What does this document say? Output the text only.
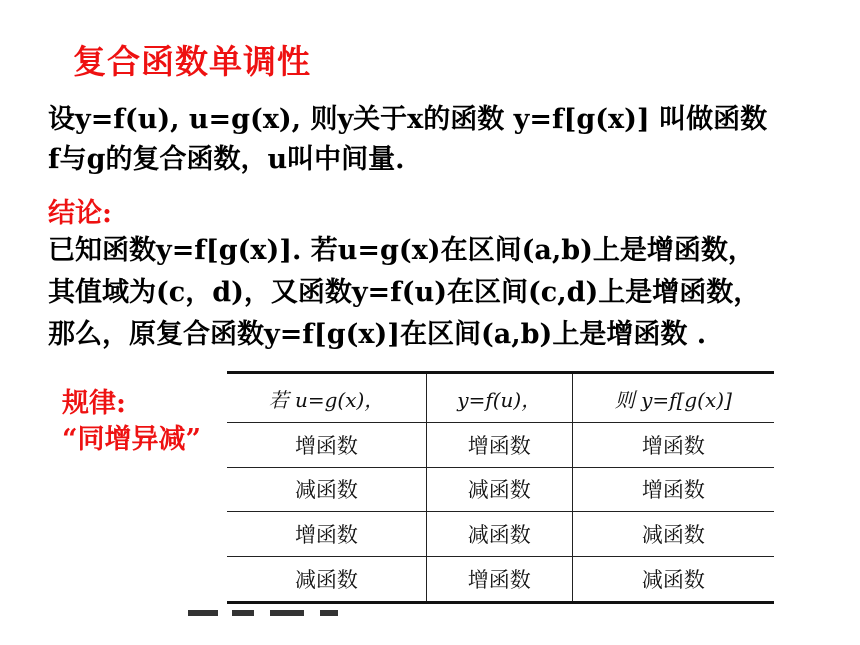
复合函数单调性
设y=f(u), u=g(x), 则y关于x的函数 y=f[g(x)] 叫做函数
f与g的复合函数，u叫中间量.
结论:
已知函数y=f[g(x)]. 若u=g(x)在区间(a,b)上是增函数，
其值域为(c，d)，又函数y=f(u)在区间(c,d)上是增函数，
那么，原复合函数y=f[g(x)]在区间(a,b)上是增函数 .
规律:
“同增异减”
若 u=g(x)，	y=f(u)，	则 y=f[g(x)]
增函数	增函数	增函数
减函数	减函数	增函数
增函数	减函数	减函数
减函数	增函数	减函数
